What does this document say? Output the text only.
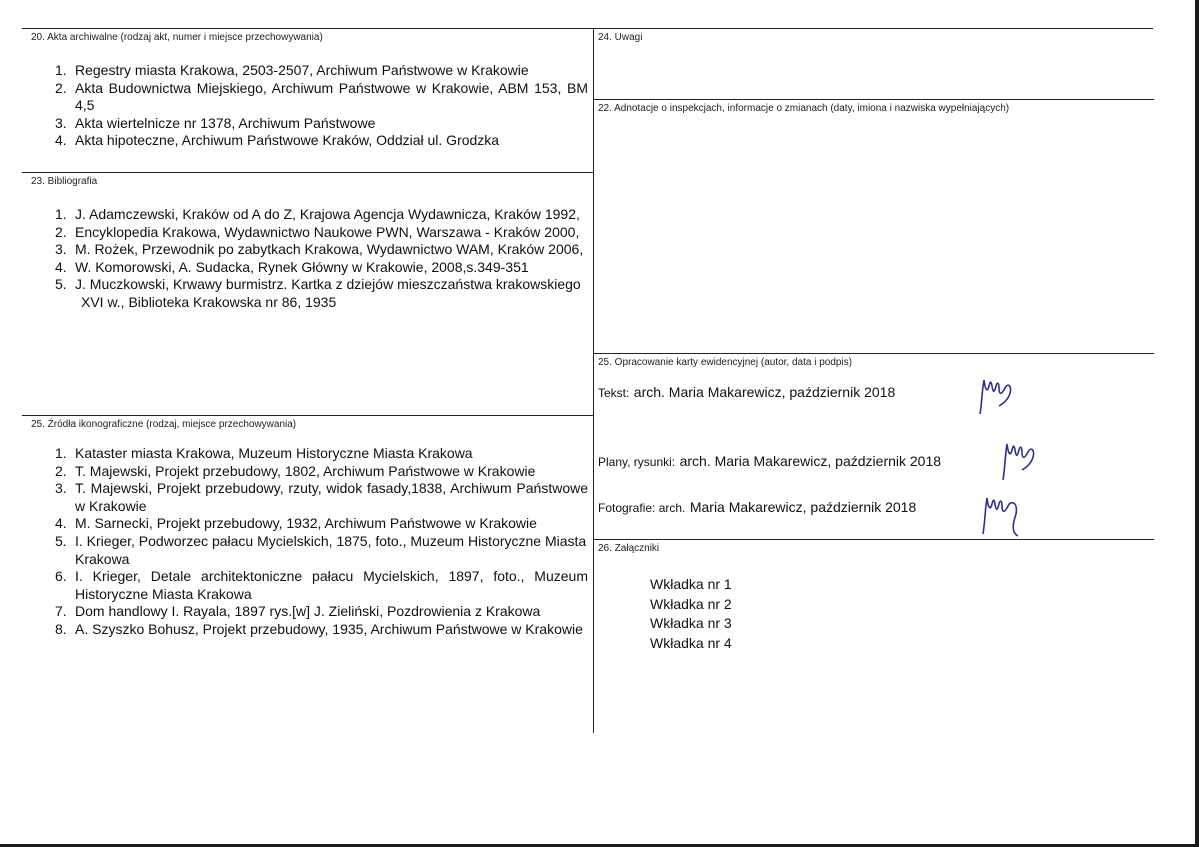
20. Akta archiwalne (rodzaj akt, numer i miejsce przechowywania)
1. Regestry miasta Krakowa, 2503-2507, Archiwum Państwowe w Krakowie
2. Akta Budownictwa Miejskiego, Archiwum Państwowe w Krakowie, ABM 153, BM 4,5
3. Akta wiertelnicze nr 1378, Archiwum Państwowe
4. Akta hipoteczne, Archiwum Państwowe Kraków, Oddział ul. Grodzka
23. Bibliografia
1. J. Adamczewski, Kraków od A do Z, Krajowa Agencja Wydawnicza, Kraków 1992,
2. Encyklopedia Krakowa, Wydawnictwo Naukowe PWN, Warszawa - Kraków 2000,
3. M. Rożek, Przewodnik po zabytkach Krakowa, Wydawnictwo WAM, Kraków 2006,
4. W. Komorowski, A. Sudacka, Rynek Główny w Krakowie, 2008,s.349-351
5. J. Muczkowski, Krwawy burmistrz. Kartka z dziejów mieszczaństwa krakowskiego
XVI w., Biblioteka Krakowska nr 86, 1935
25. Źródła ikonograficzne (rodzaj, miejsce przechowywania)
1. Kataster miasta Krakowa, Muzeum Historyczne Miasta Krakowa
2. T. Majewski, Projekt przebudowy, 1802, Archiwum Państwowe w Krakowie
3. T. Majewski, Projekt przebudowy, rzuty, widok fasady,1838, Archiwum Państwowe w Krakowie
4. M. Sarnecki, Projekt przebudowy, 1932, Archiwum Państwowe w Krakowie
5. I. Krieger, Podworzec pałacu Mycielskich, 1875, foto., Muzeum Historyczne Miasta
Krakowa
6. I. Krieger, Detale architektoniczne pałacu Mycielskich, 1897, foto., Muzeum Historyczne Miasta Krakowa
7. Dom handlowy I. Rayala, 1897 rys.[w] J. Zieliński, Pozdrowienia z Krakowa
8. A. Szyszko Bohusz, Projekt przebudowy, 1935, Archiwum Państwowe w Krakowie
24. Uwagi
22. Adnotacje o inspekcjach, informacje o zmianach (daty, imiona i nazwiska wypełniających)
25. Opracowanie karty ewidencyjnej (autor, data i podpis)
Tekst: arch. Maria Makarewicz, październik 2018
Plany, rysunki: arch. Maria Makarewicz, październik 2018
Fotografie: arch. Maria Makarewicz, październik 2018
26. Załączniki
Wkładka nr 1
Wkładka nr 2
Wkładka nr 3
Wkładka nr 4
